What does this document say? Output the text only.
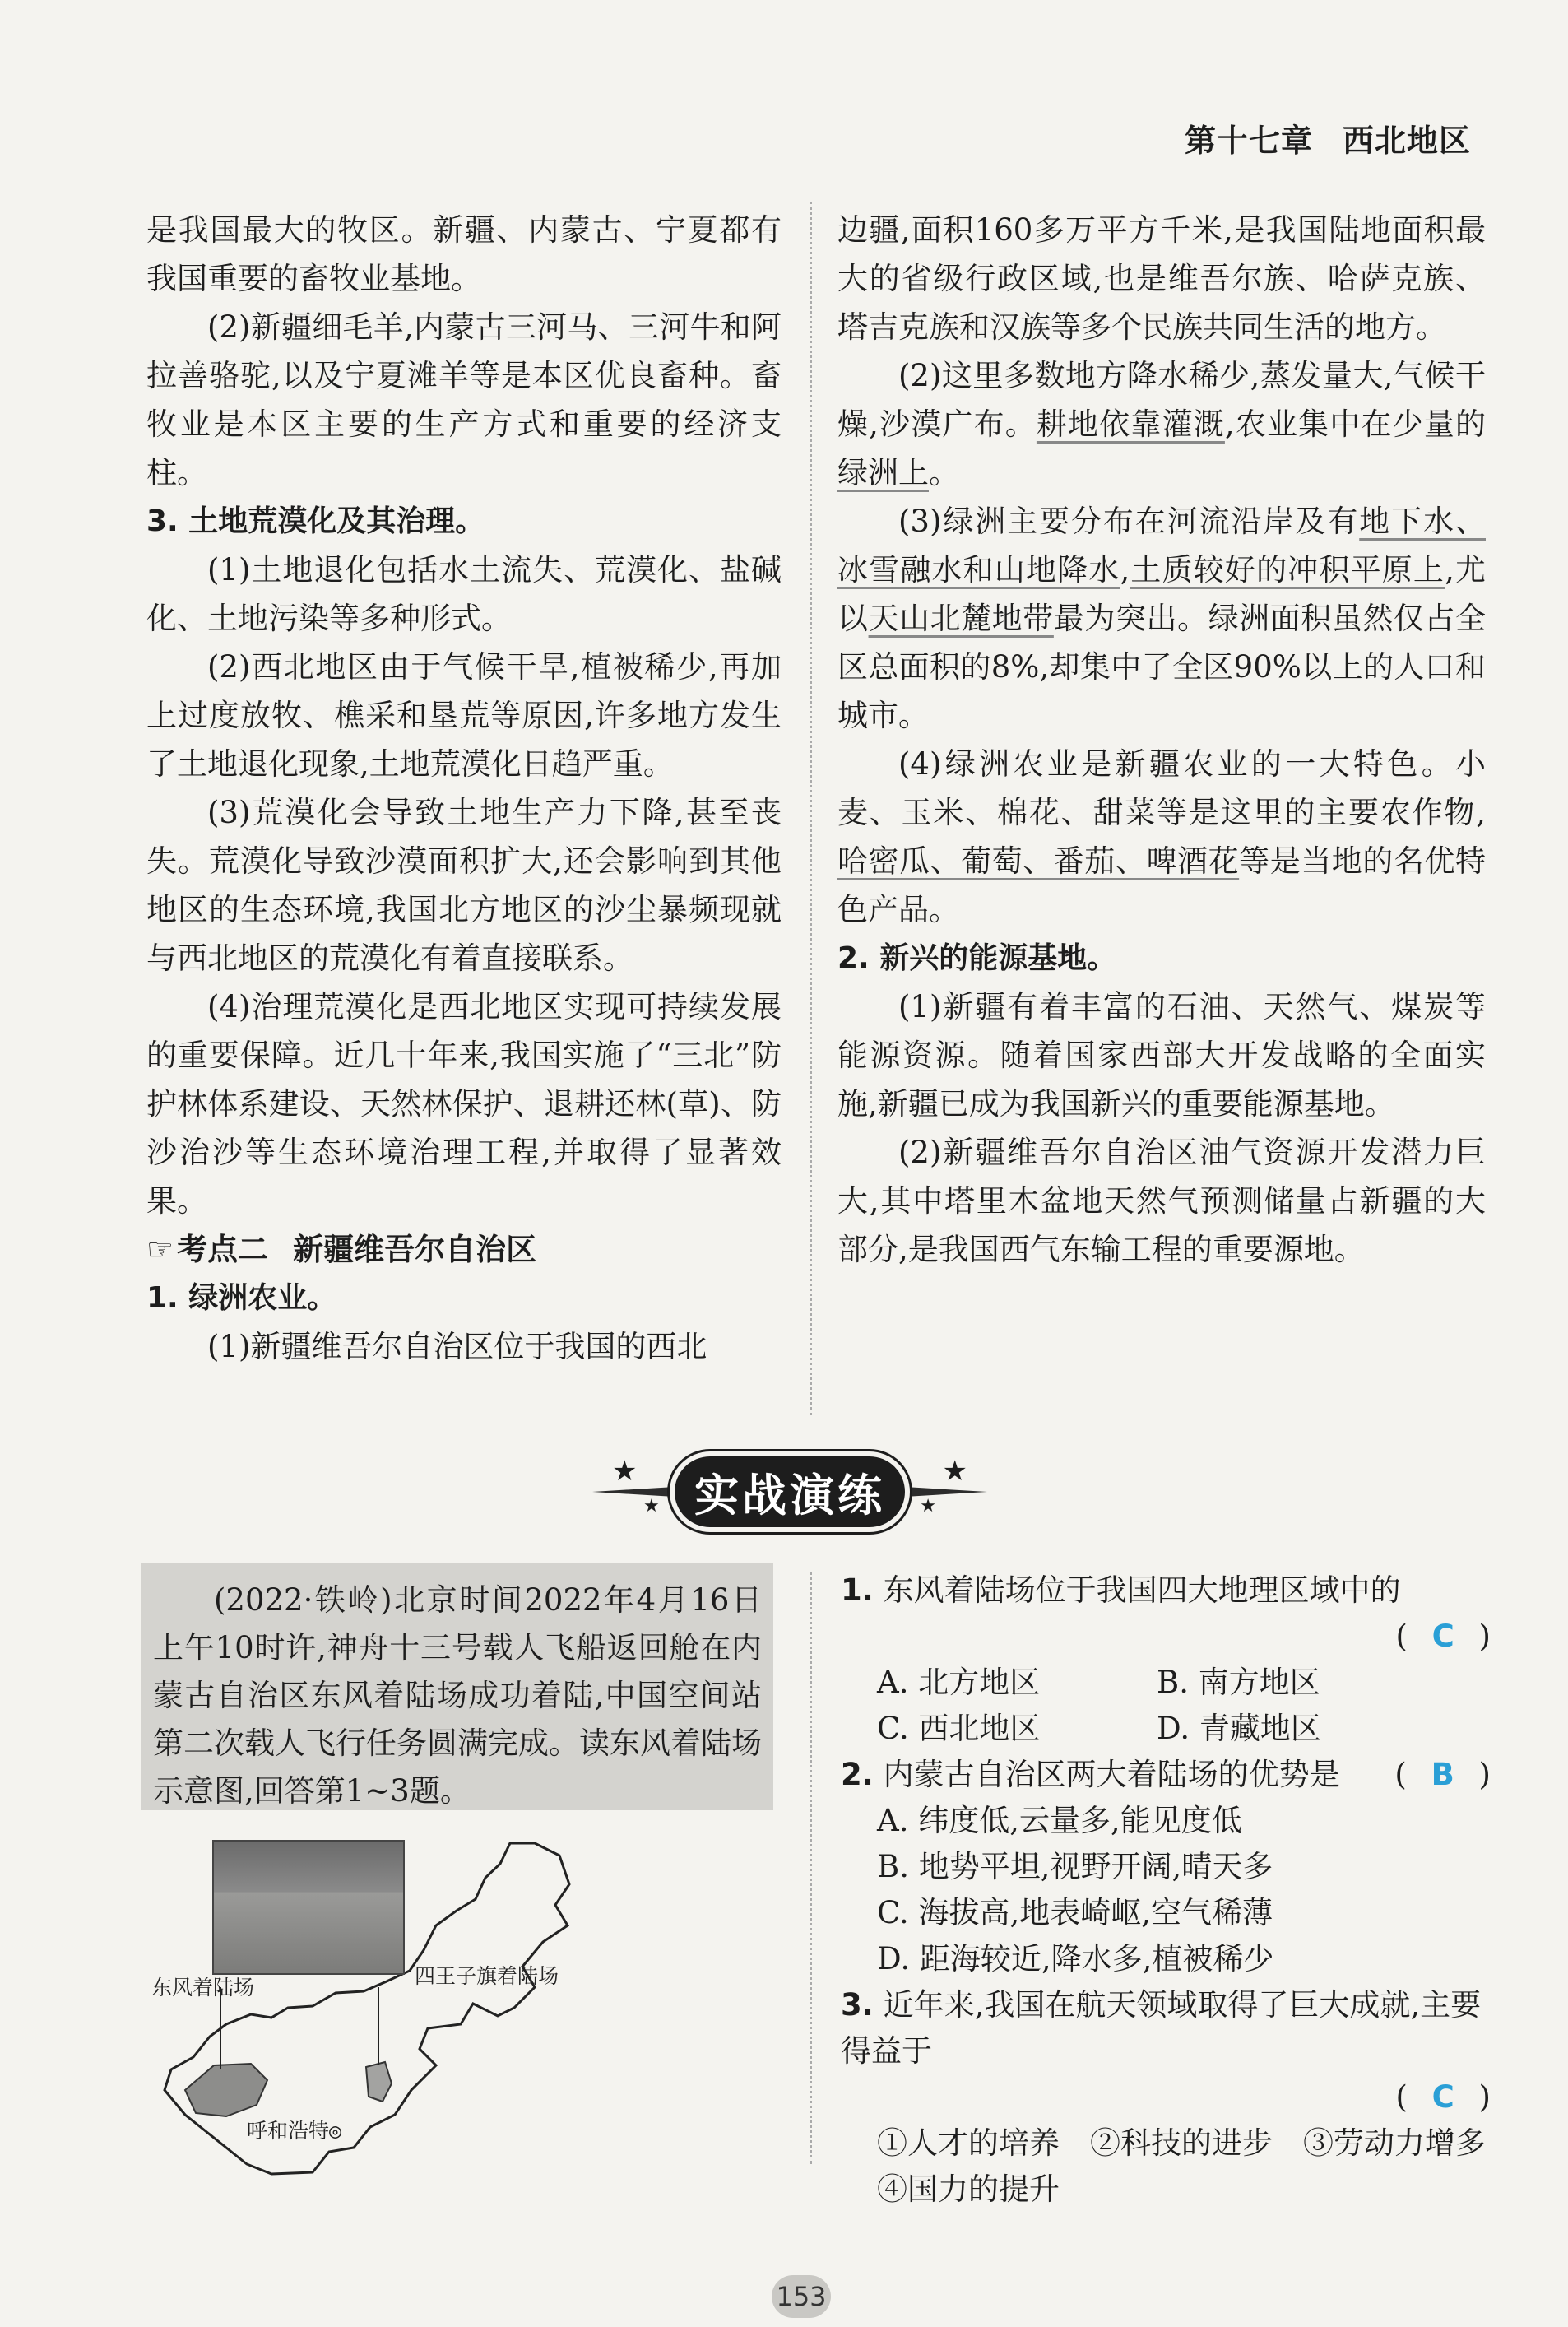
第十七章 西北地区

是我国最大的牧区。新疆、内蒙古、宁夏都有我国重要的畜牧业基地。

(2)新疆细毛羊,内蒙古三河马、三河牛和阿拉善骆驼,以及宁夏滩羊等是本区优良畜种。畜牧业是本区主要的生产方式和重要的经济支柱。

3. 土地荒漠化及其治理。

(1)土地退化包括水土流失、荒漠化、盐碱化、土地污染等多种形式。

(2)西北地区由于气候干旱,植被稀少,再加上过度放牧、樵采和垦荒等原因,许多地方发生了土地退化现象,土地荒漠化日趋严重。

(3)荒漠化会导致土地生产力下降,甚至丧失。荒漠化导致沙漠面积扩大,还会影响到其他地区的生态环境,我国北方地区的沙尘暴频现就与西北地区的荒漠化有着直接联系。

(4)治理荒漠化是西北地区实现可持续发展的重要保障。近几十年来,我国实施了“三北”防护林体系建设、天然林保护、退耕还林(草)、防沙治沙等生态环境治理工程,并取得了显著效果。

☞ 考点二 新疆维吾尔自治区

1. 绿洲农业。

(1)新疆维吾尔自治区位于我国的西北

边疆,面积160多万平方千米,是我国陆地面积最大的省级行政区域,也是维吾尔族、哈萨克族、塔吉克族和汉族等多个民族共同生活的地方。

(2)这里多数地方降水稀少,蒸发量大,气候干燥,沙漠广布。耕地依靠灌溉,农业集中在少量的绿洲上。

(3)绿洲主要分布在河流沿岸及有地下水、冰雪融水和山地降水,土质较好的冲积平原上,尤以天山北麓地带最为突出。绿洲面积虽然仅占全区总面积的8%,却集中了全区90%以上的人口和城市。

(4)绿洲农业是新疆农业的一大特色。小麦、玉米、棉花、甜菜等是这里的主要农作物,哈密瓜、葡萄、番茄、啤酒花等是当地的名优特色产品。

2. 新兴的能源基地。

(1)新疆有着丰富的石油、天然气、煤炭等能源资源。随着国家西部大开发战略的全面实施,新疆已成为我国新兴的重要能源基地。

(2)新疆维吾尔自治区油气资源开发潜力巨大,其中塔里木盆地天然气预测储量占新疆的大部分,是我国西气东输工程的重要源地。

★
★
★
★
实战演练

(2022·铁岭)北京时间2022年4月16日上午10时许,神舟十三号载人飞船返回舱在内蒙古自治区东风着陆场成功着陆,中国空间站第二次载人飞行任务圆满完成。读东风着陆场示意图,回答第1~3题。

东风着陆场	四王子旗着陆场
呼和浩特◎
1. 东风着陆场位于我国四大地理区域中的
( C )
A. 北方地区	B. 南方地区
C. 西北地区	D. 青藏地区
2. 内蒙古自治区两大着陆场的优势是 ( B )
A. 纬度低,云量多,能见度低
B. 地势平坦,视野开阔,晴天多
C. 海拔高,地表崎岖,空气稀薄
D. 距海较近,降水多,植被稀少
3. 近年来,我国在航天领域取得了巨大成就,主要得益于
( C )
①人才的培养　②科技的进步　③劳动力增多　④国力的提升
153
